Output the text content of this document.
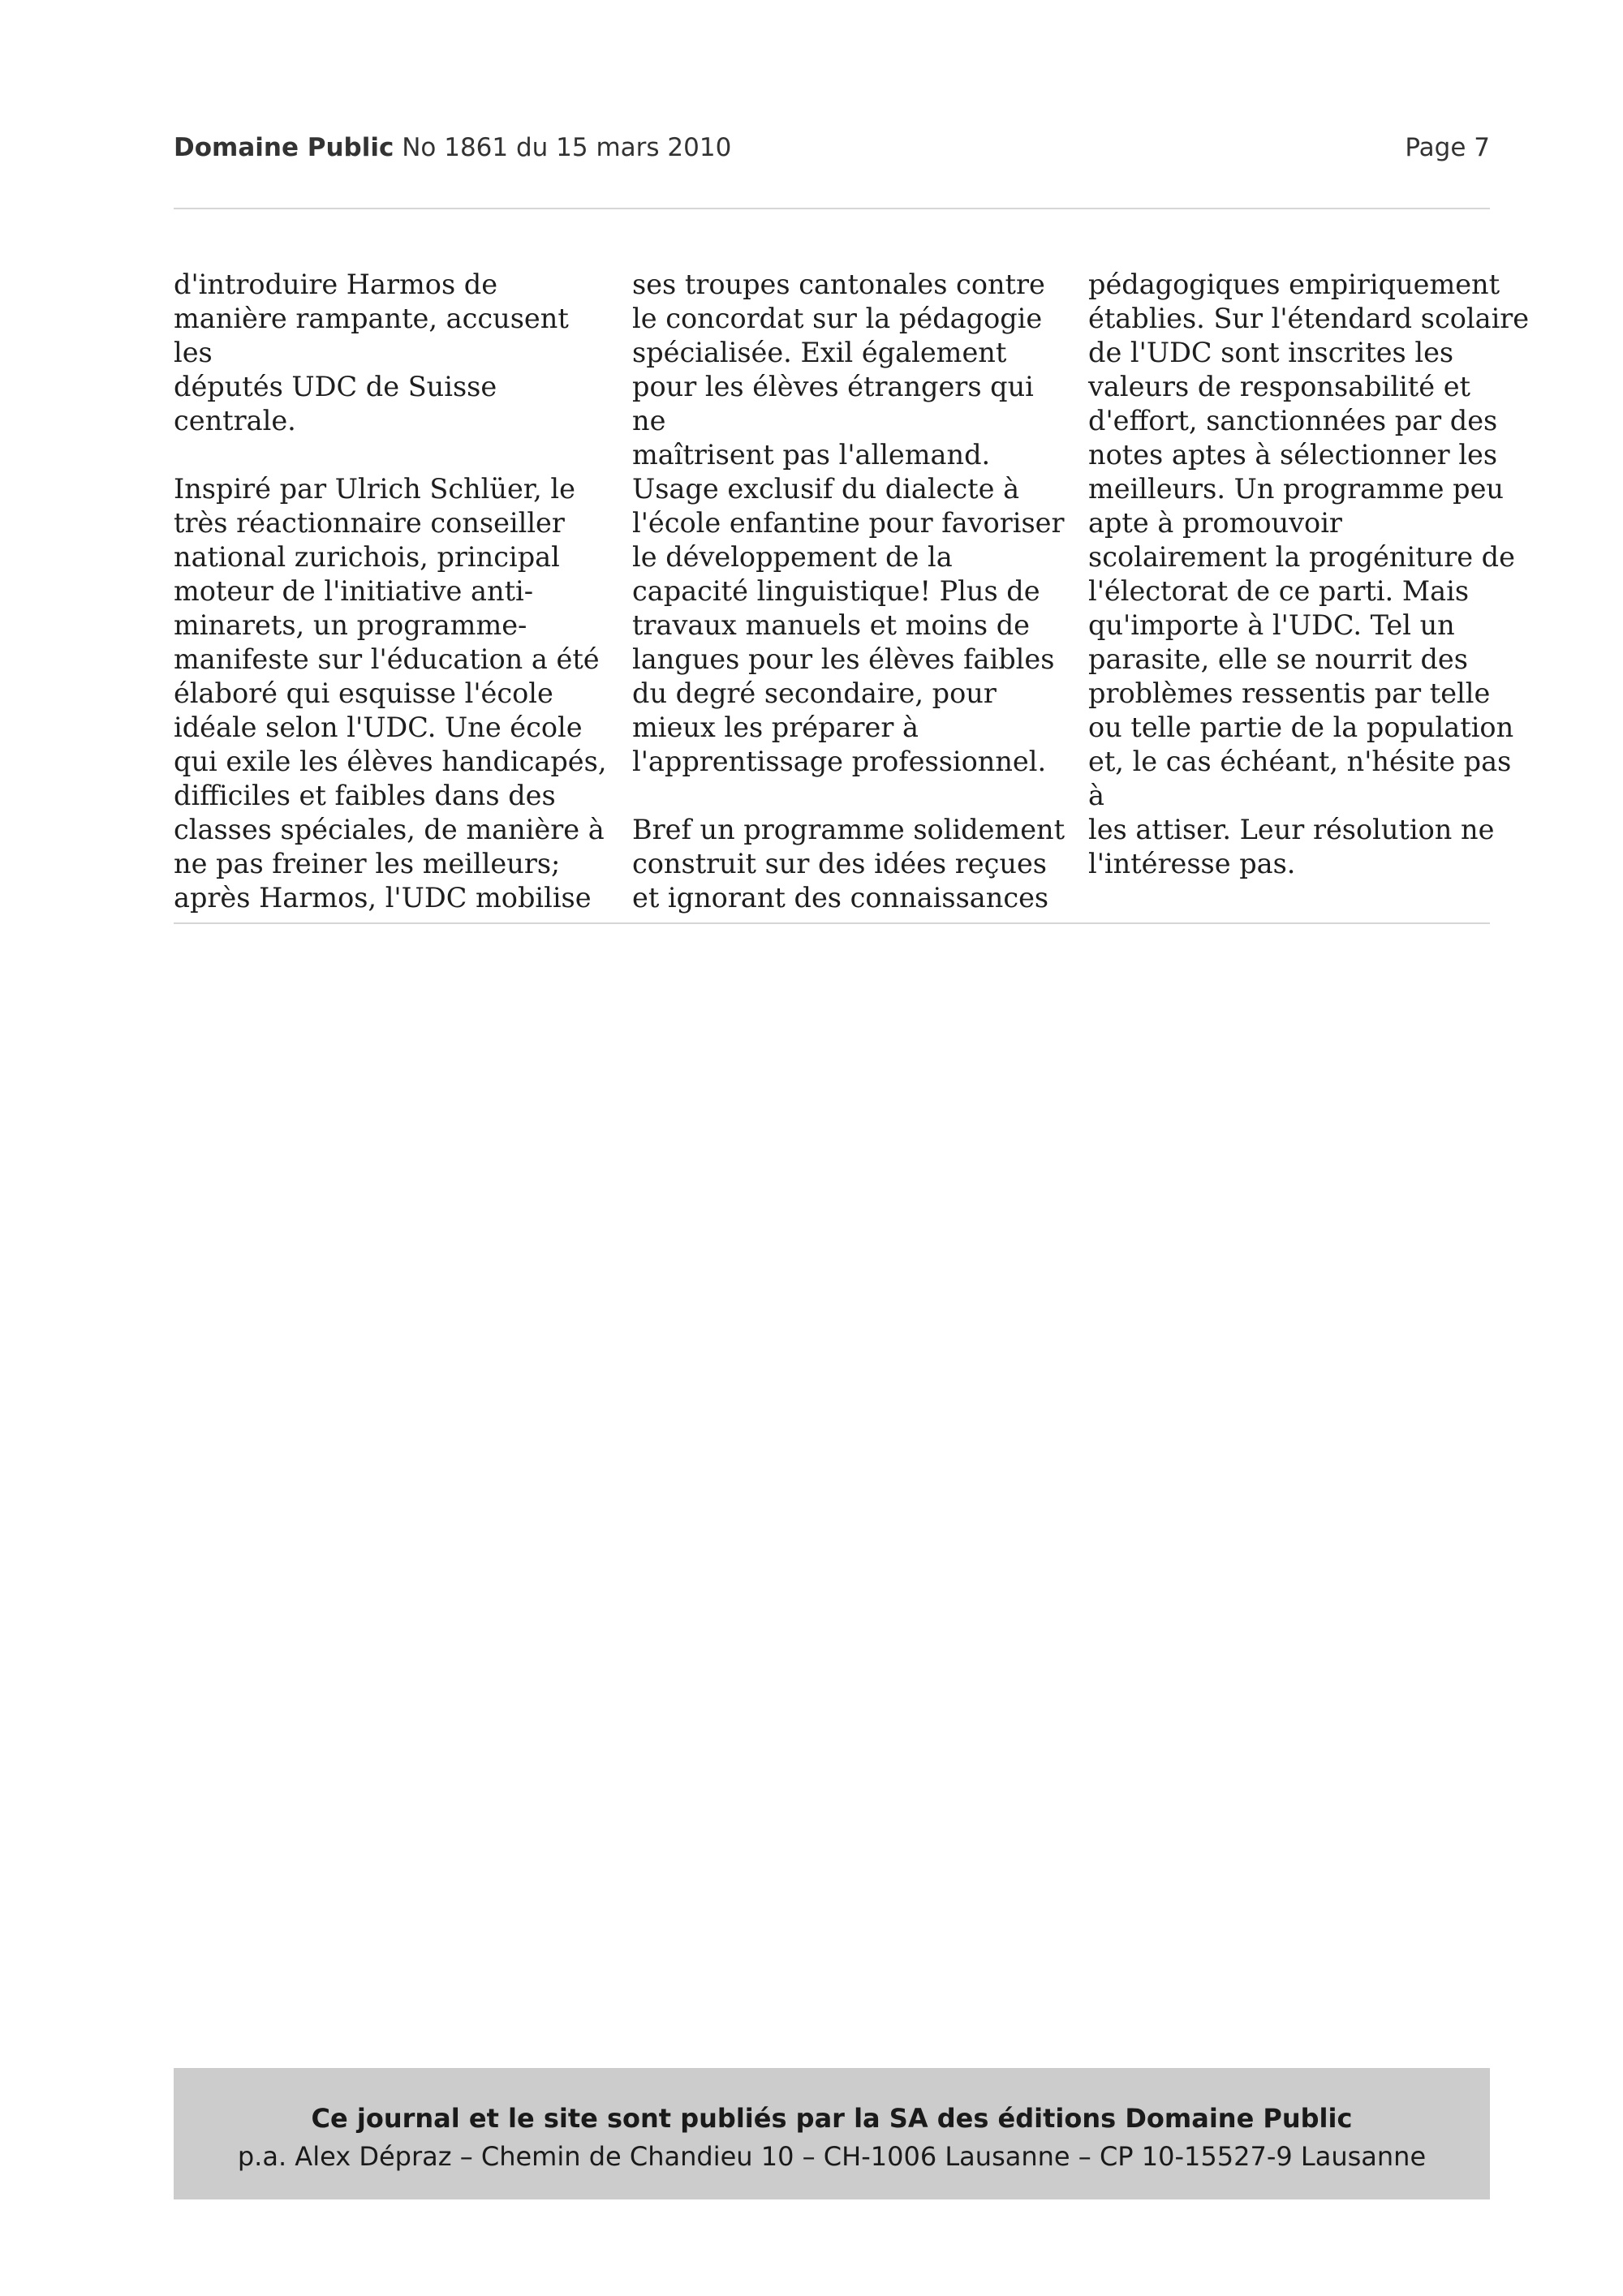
Domaine Public No 1861 du 15 mars 2010	Page 7

d'introduire Harmos de
manière rampante, accusent les
députés UDC de Suisse
centrale.

Inspiré par Ulrich Schlüer, le
très réactionnaire conseiller
national zurichois, principal
moteur de l'initiative anti-
minarets, un programme-
manifeste sur l'éducation a été
élaboré qui esquisse l'école
idéale selon l'UDC. Une école
qui exile les élèves handicapés,
difficiles et faibles dans des
classes spéciales, de manière à
ne pas freiner les meilleurs;
après Harmos, l'UDC mobilise

ses troupes cantonales contre
le concordat sur la pédagogie
spécialisée. Exil également
pour les élèves étrangers qui ne
maîtrisent pas l'allemand.
Usage exclusif du dialecte à
l'école enfantine pour favoriser
le développement de la
capacité linguistique! Plus de
travaux manuels et moins de
langues pour les élèves faibles
du degré secondaire, pour
mieux les préparer à
l'apprentissage professionnel.

Bref un programme solidement
construit sur des idées reçues
et ignorant des connaissances

pédagogiques empiriquement
établies. Sur l'étendard scolaire
de l'UDC sont inscrites les
valeurs de responsabilité et
d'effort, sanctionnées par des
notes aptes à sélectionner les
meilleurs. Un programme peu
apte à promouvoir
scolairement la progéniture de
l'électorat de ce parti. Mais
qu'importe à l'UDC. Tel un
parasite, elle se nourrit des
problèmes ressentis par telle
ou telle partie de la population
et, le cas échéant, n'hésite pas à
les attiser. Leur résolution ne
l'intéresse pas.

Ce journal et le site sont publiés par la SA des éditions Domaine Public
p.a. Alex Dépraz – Chemin de Chandieu 10 – CH-1006 Lausanne – CP 10-15527-9 Lausanne
